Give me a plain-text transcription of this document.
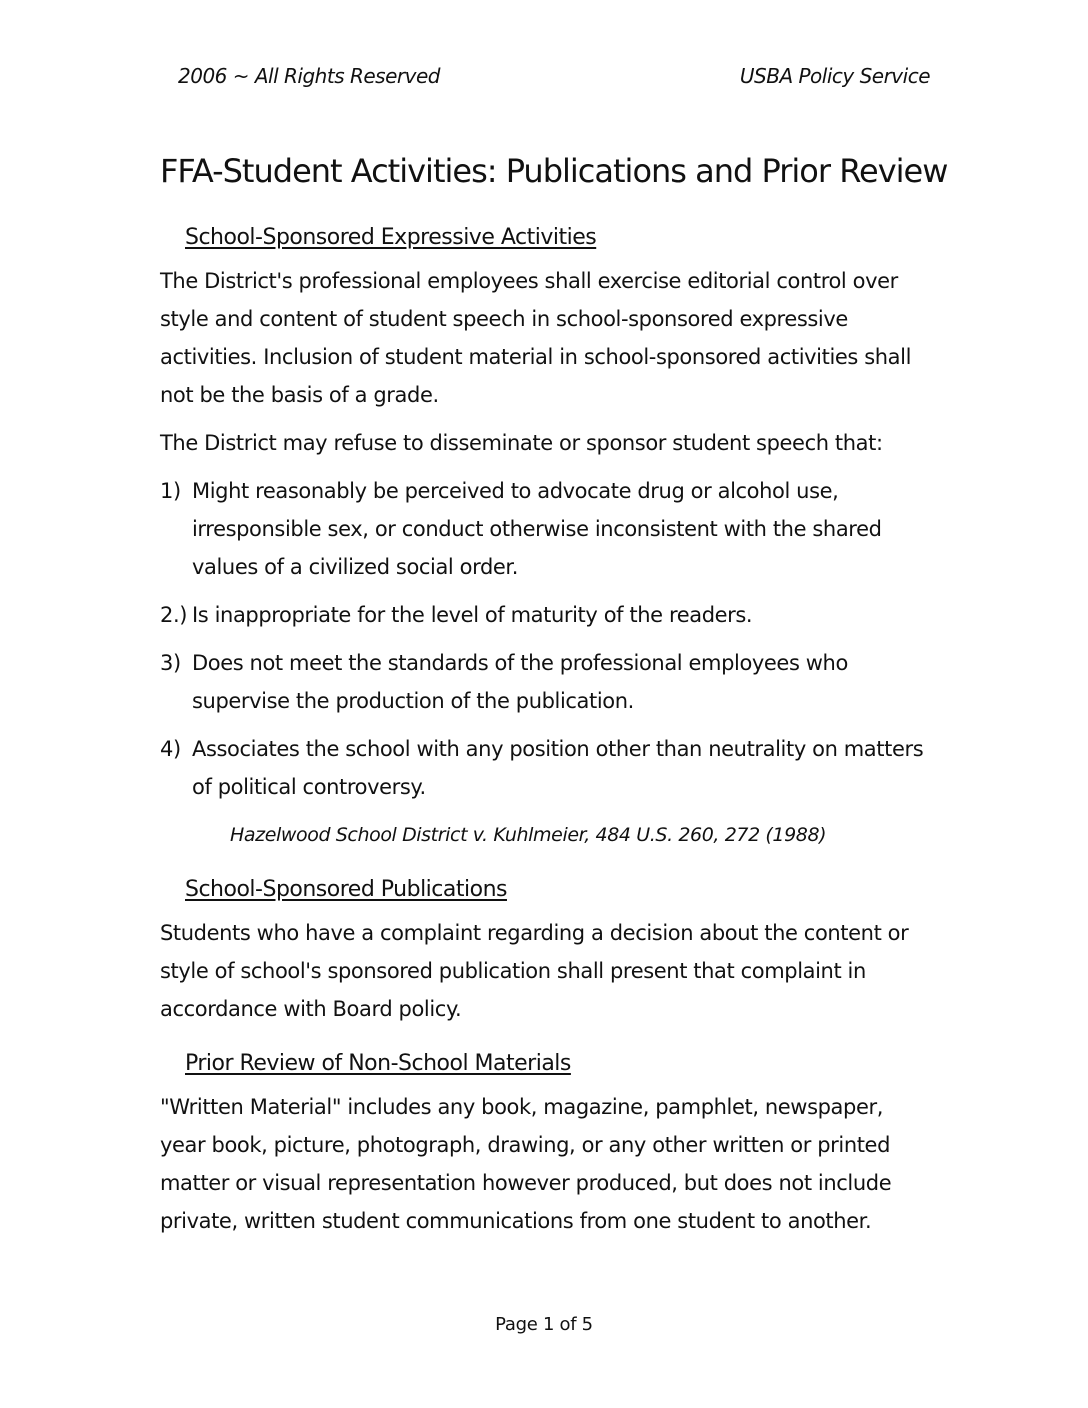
2006 ~ All Rights Reserved	USBA Policy Service
FFA-Student Activities: Publications and Prior Review
School-Sponsored Expressive Activities

The District's professional employees shall exercise editorial control over style and content of student speech in school-sponsored expressive activities. Inclusion of student material in school-sponsored activities shall not be the basis of a grade.

The District may refuse to disseminate or sponsor student speech that:

1) Might reasonably be perceived to advocate drug or alcohol use, irresponsible sex, or conduct otherwise inconsistent with the shared values of a civilized social order.
2.) Is inappropriate for the level of maturity of the readers.
3) Does not meet the standards of the professional employees who supervise the production of the publication.
4) Associates the school with any position other than neutrality on matters of political controversy.

Hazelwood School District v. Kuhlmeier, 484 U.S. 260, 272 (1988)

School-Sponsored Publications

Students who have a complaint regarding a decision about the content or style of school's sponsored publication shall present that complaint in accordance with Board policy.

Prior Review of Non-School Materials

"Written Material" includes any book, magazine, pamphlet, newspaper, year book, picture, photograph, drawing, or any other written or printed matter or visual representation however produced, but does not include private, written student communications from one student to another.

Page 1 of 5
